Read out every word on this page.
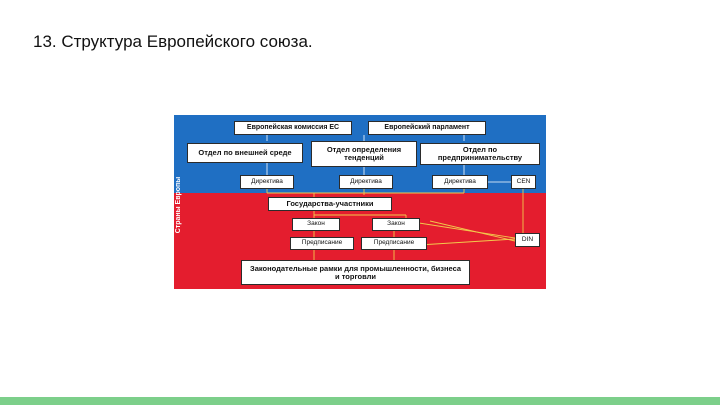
13. Структура Европейского союза.
Страны Европы
Европейская комиссия ЕС	Европейский парламент
Отдел по внешней среде	Отдел определения тенденций
Отдел по предпринимательству
Директива	Директива	Директива	CEN
Государства-участники
Закон	Закон
DIN
Предписание	Предписание
Законодательные рамки для промышленности, бизнеса и торговли
